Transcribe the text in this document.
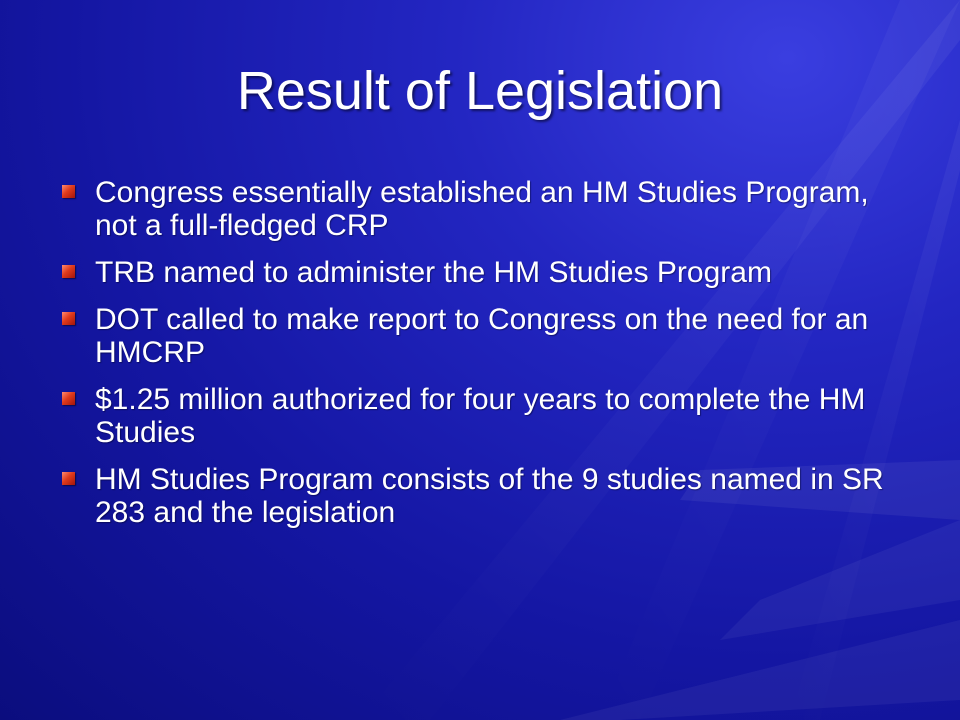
Result of Legislation
Congress essentially established an HM Studies Program, not a full-fledged CRP
TRB named to administer the HM Studies Program
DOT called to make report to Congress on the need for an HMCRP
$1.25 million authorized for four years to complete the HM Studies
HM Studies Program consists of the 9 studies named in SR 283 and the legislation
